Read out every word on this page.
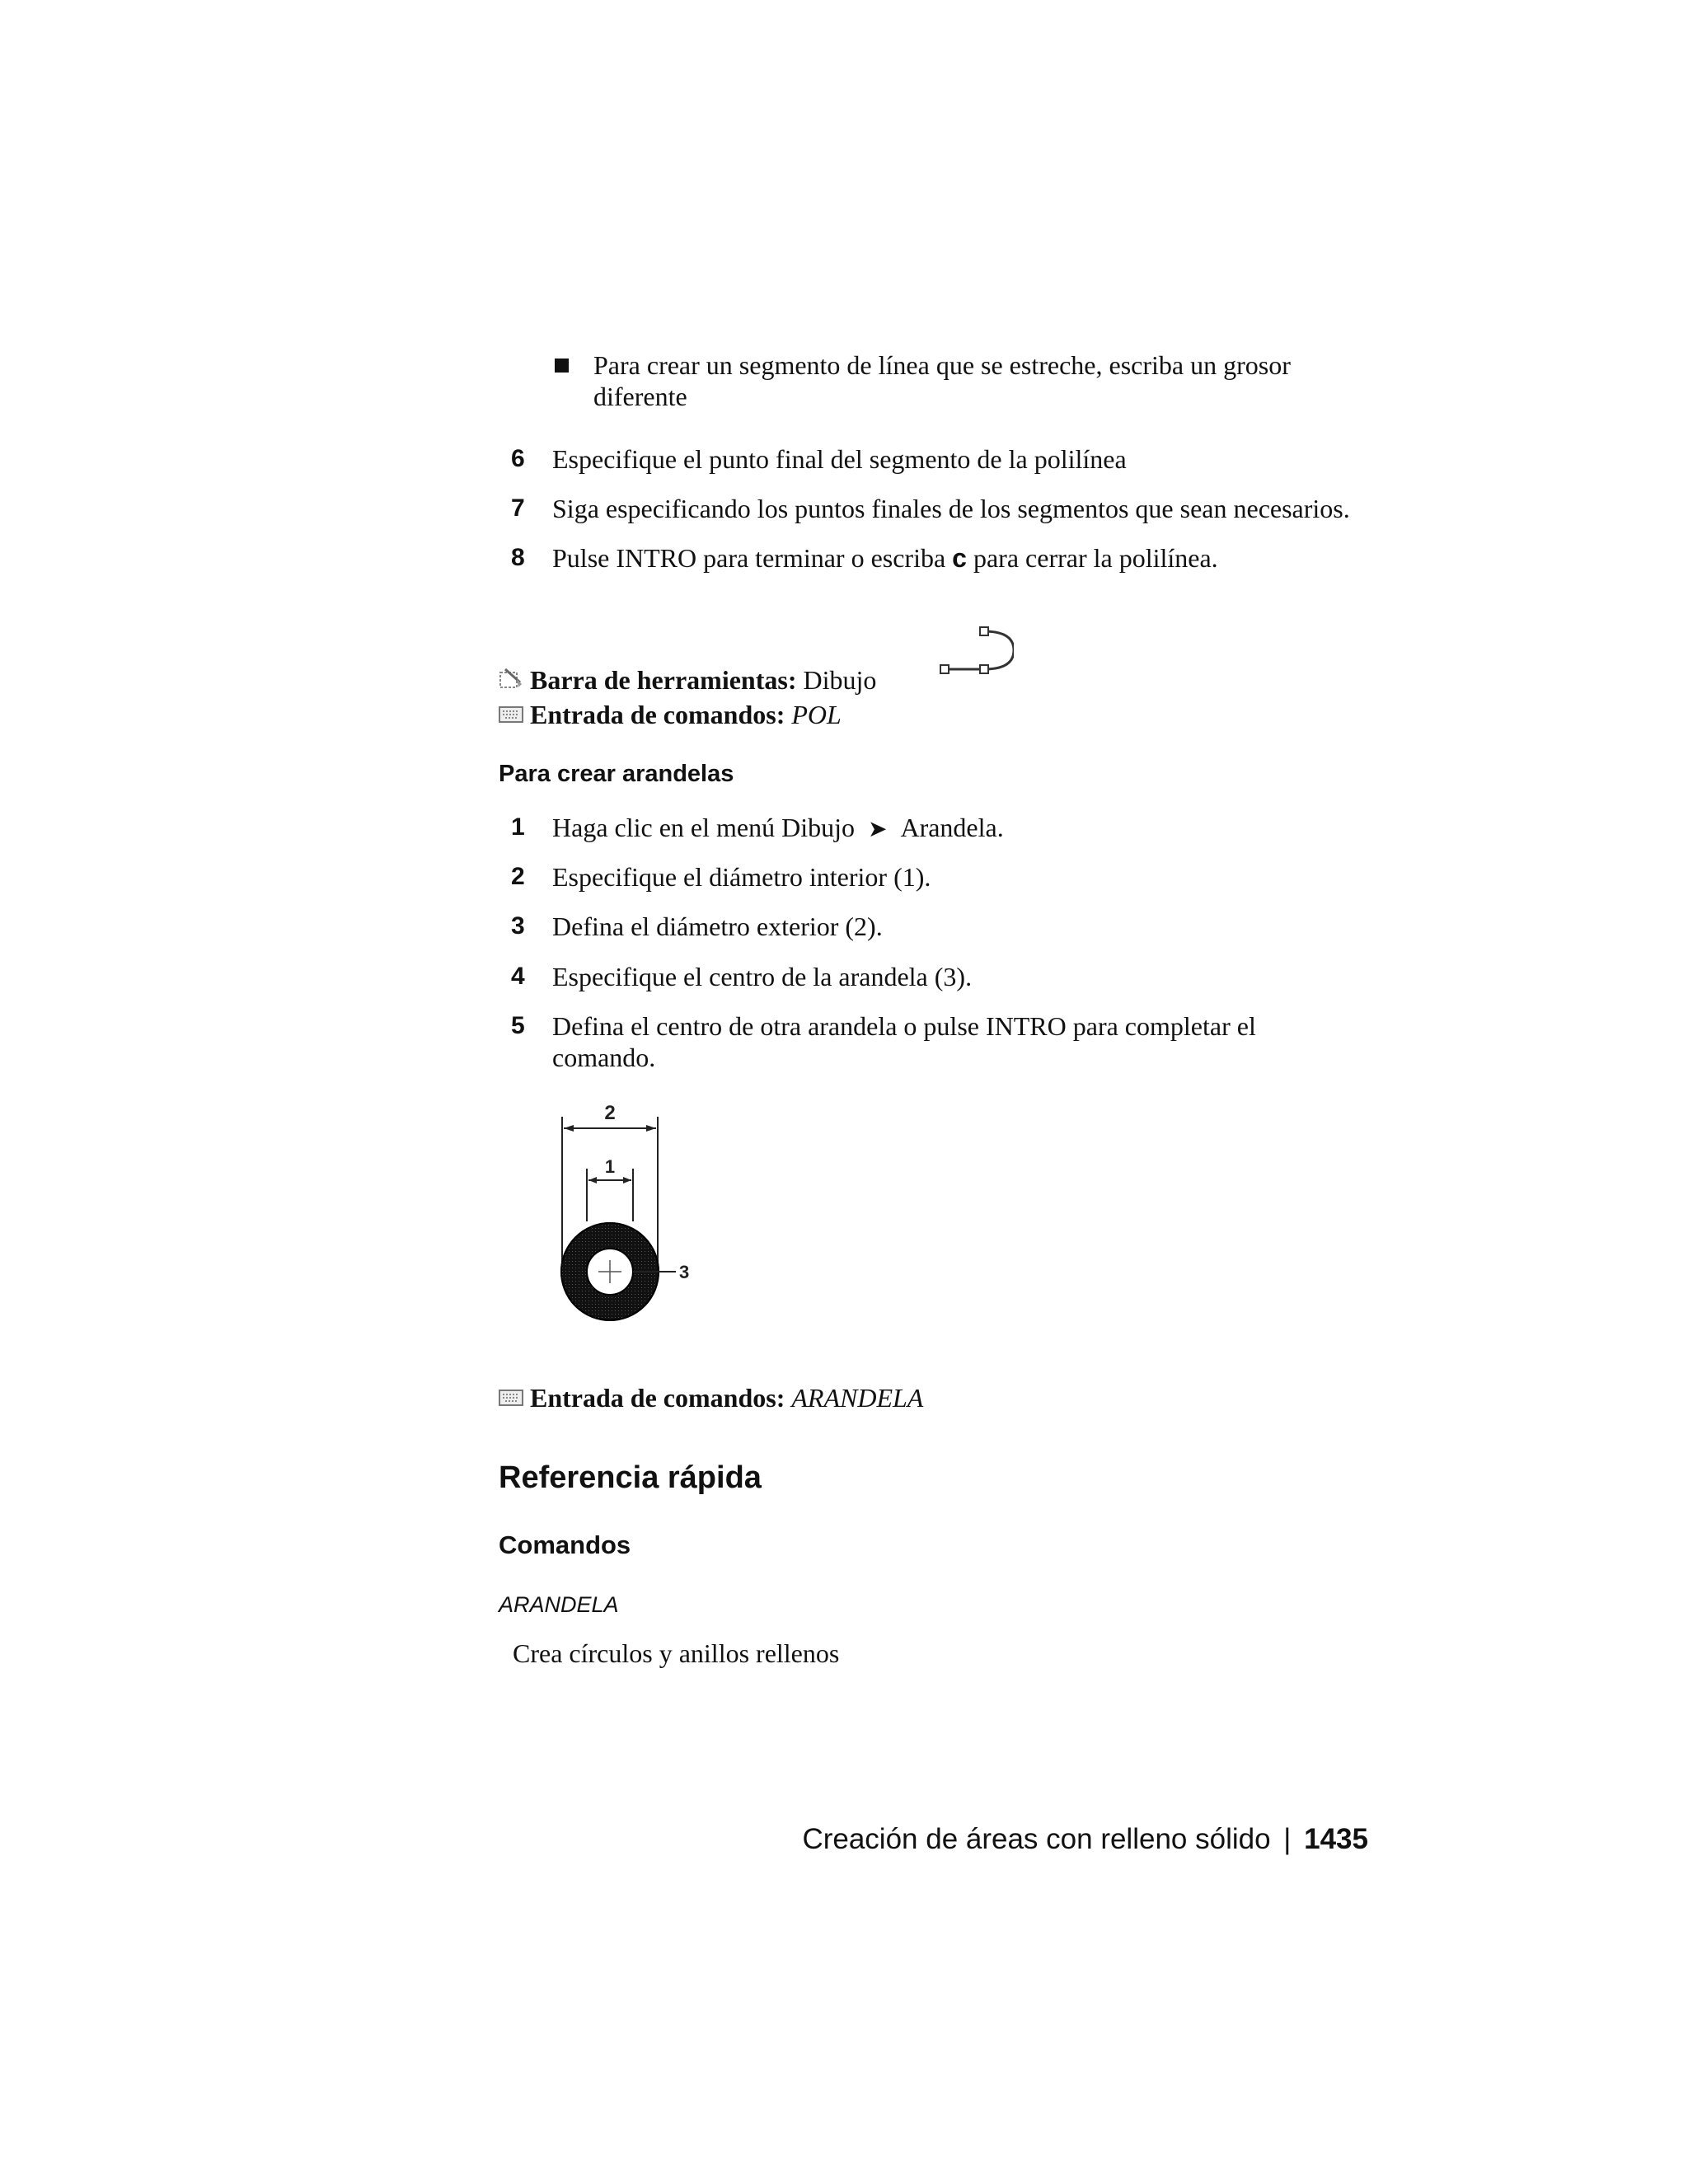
Para crear un segmento de línea que se estreche, escriba un grosor
diferente
6 Especifique el punto final del segmento de la polilínea
7 Siga especificando los puntos finales de los segmentos que sean necesarios.
8 Pulse INTRO para terminar o escriba c para cerrar la polilínea.
Barra de herramientas: Dibujo
Entrada de comandos: POL
Para crear arandelas
1 Haga clic en el menú Dibujo ➤ Arandela.
2 Especifique el diámetro interior (1).
3 Defina el diámetro exterior (2).
4 Especifique el centro de la arandela (3).
5 Defina el centro de otra arandela o pulse INTRO para completar el
comando.
2
1
3
Entrada de comandos: ARANDELA
Referencia rápida
Comandos
ARANDELA
Crea círculos y anillos rellenos
Creación de áreas con relleno sólido | 1435
